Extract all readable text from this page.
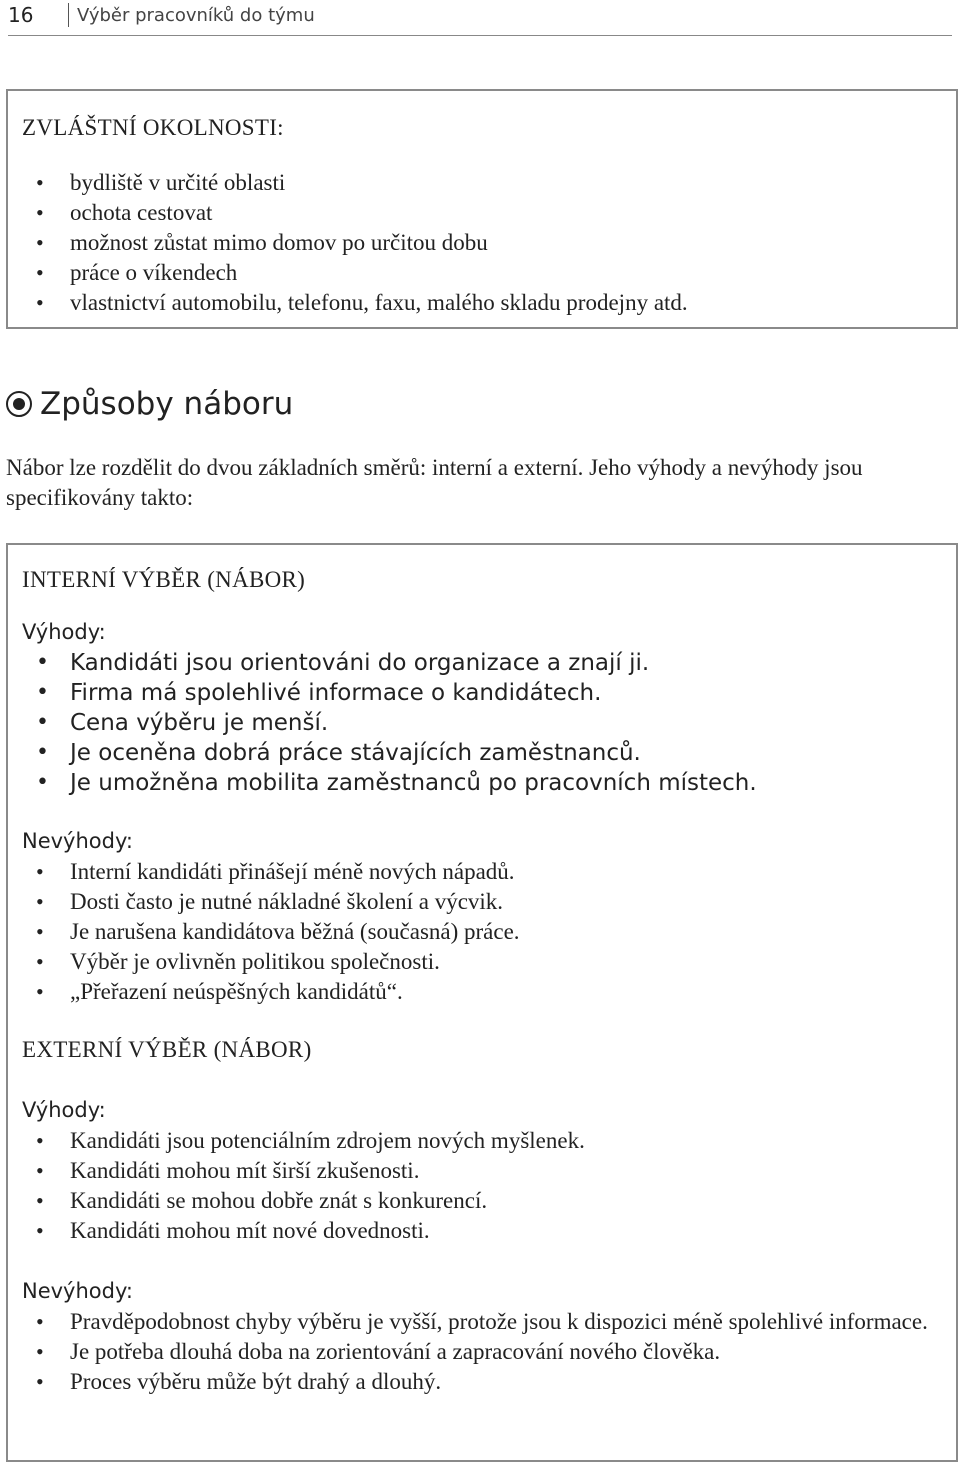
16	Výběr pracovníků do týmu

ZVLÁŠTNÍ OKOLNOSTI:

• bydliště v určité oblasti
• ochota cestovat
• možnost zůstat mimo domov po určitou dobu
• práce o víkendech
• vlastnictví automobilu, telefonu, faxu, malého skladu prodejny atd.
Způsoby náboru

Nábor lze rozdělit do dvou základních směrů: interní a externí. Jeho výhody a nevýhody jsou specifikovány takto:

INTERNÍ VÝBĚR (NÁBOR)

Výhody:

• Kandidáti jsou orientováni do organizace a znají ji.
• Firma má spolehlivé informace o kandidátech.
• Cena výběru je menší.
• Je oceněna dobrá práce stávajících zaměstnanců.
• Je umožněna mobilita zaměstnanců po pracovních místech.

Nevýhody:

• Interní kandidáti přinášejí méně nových nápadů.
• Dosti často je nutné nákladné školení a výcvik.
• Je narušena kandidátova běžná (současná) práce.
• Výběr je ovlivněn politikou společnosti.
• „Přeřazení neúspěšných kandidátů“.

EXTERNÍ VÝBĚR (NÁBOR)

Výhody:

• Kandidáti jsou potenciálním zdrojem nových myšlenek.
• Kandidáti mohou mít širší zkušenosti.
• Kandidáti se mohou dobře znát s konkurencí.
• Kandidáti mohou mít nové dovednosti.

Nevýhody:

• Pravděpodobnost chyby výběru je vyšší, protože jsou k dispozici méně spolehlivé informace.
• Je potřeba dlouhá doba na zorientování a zapracování nového člověka.
• Proces výběru může být drahý a dlouhý.
